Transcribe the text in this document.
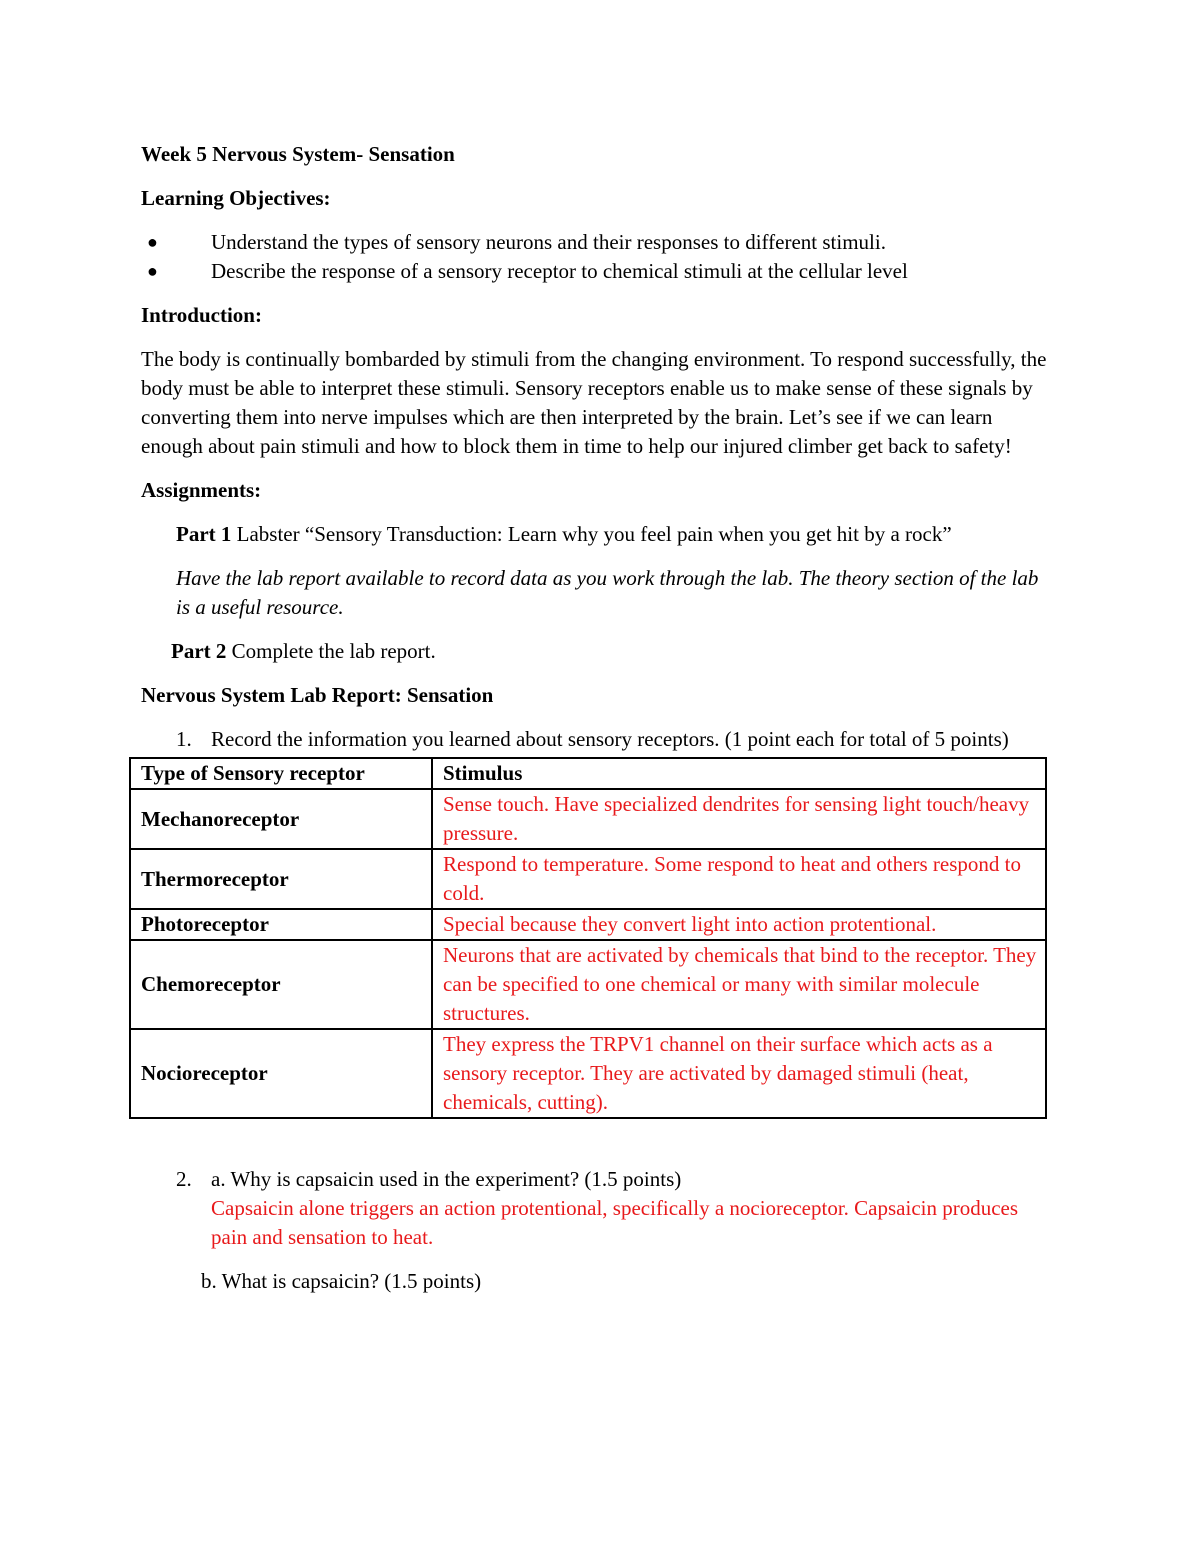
Week 5 Nervous System- Sensation

Learning Objectives:

●	Understand the types of sensory neurons and their responses to different stimuli.
●	Describe the response of a sensory receptor to chemical stimuli at the cellular level

Introduction:

The body is continually bombarded by stimuli from the changing environment. To respond successfully, the body must be able to interpret these stimuli. Sensory receptors enable us to make sense of these signals by converting them into nerve impulses which are then interpreted by the brain. Let’s see if we can learn enough about pain stimuli and how to block them in time to help our injured climber get back to safety!

Assignments:

Part 1 Labster “Sensory Transduction: Learn why you feel pain when you get hit by a rock”

Have the lab report available to record data as you work through the lab. The theory section of the lab is a useful resource.

Part 2 Complete the lab report.

Nervous System Lab Report: Sensation

1. Record the information you learned about sensory receptors. (1 point each for total of 5 points)
Type of Sensory receptor	Stimulus
Mechanoreceptor	Sense touch. Have specialized dendrites for sensing light touch/heavy pressure.
Thermoreceptor	Respond to temperature. Some respond to heat and others respond to cold.
Photoreceptor	Special because they convert light into action protentional.
Chemoreceptor	Neurons that are activated by chemicals that bind to the receptor. They can be specified to one chemical or many with similar molecule structures.
Nocioreceptor	They express the TRPV1 channel on their surface which acts as a sensory receptor. They are activated by damaged stimuli (heat, chemicals, cutting).
2. a. Why is capsaicin used in the experiment? (1.5 points)
Capsaicin alone triggers an action protentional, specifically a nocioreceptor. Capsaicin produces pain and sensation to heat.

b. What is capsaicin? (1.5 points)
